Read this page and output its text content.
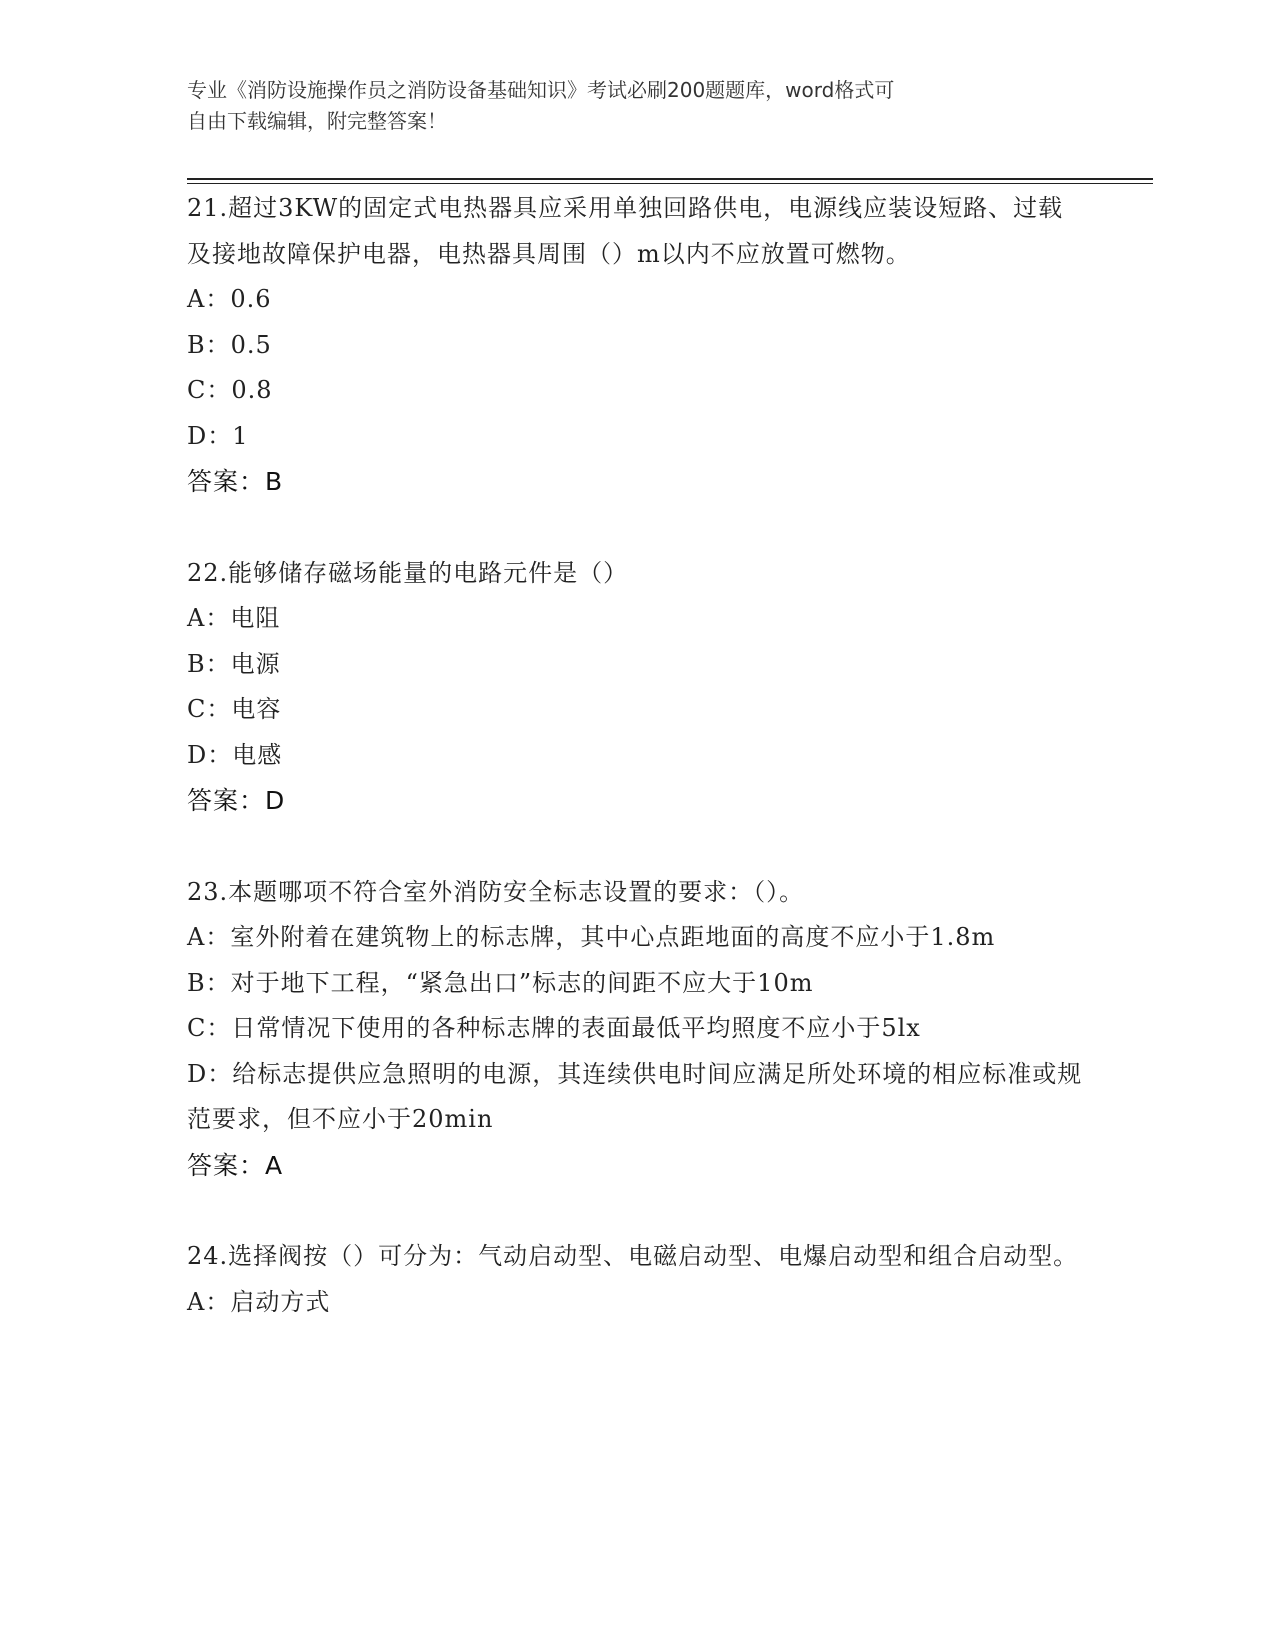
专业《消防设施操作员之消防设备基础知识》考试必刷200题题库，word格式可
自由下载编辑，附完整答案！

21.超过3KW的固定式电热器具应采用单独回路供电，电源线应装设短路、过载及接地故障保护电器，电热器具周围（）m以内不应放置可燃物。

A：0.6

B：0.5

C：0.8

D：1

答案：B

22.能够储存磁场能量的电路元件是（）

A：电阻

B：电源

C：电容

D：电感

答案：D

23.本题哪项不符合室外消防安全标志设置的要求：（）。

A：室外附着在建筑物上的标志牌，其中心点距地面的高度不应小于1.8m

B：对于地下工程，“紧急出口”标志的间距不应大于10m

C：日常情况下使用的各种标志牌的表面最低平均照度不应小于5lx

D：给标志提供应急照明的电源，其连续供电时间应满足所处环境的相应标准或规范要求，但不应小于20min

答案：A

24.选择阀按（）可分为：气动启动型、电磁启动型、电爆启动型和组合启动型。

A：启动方式
